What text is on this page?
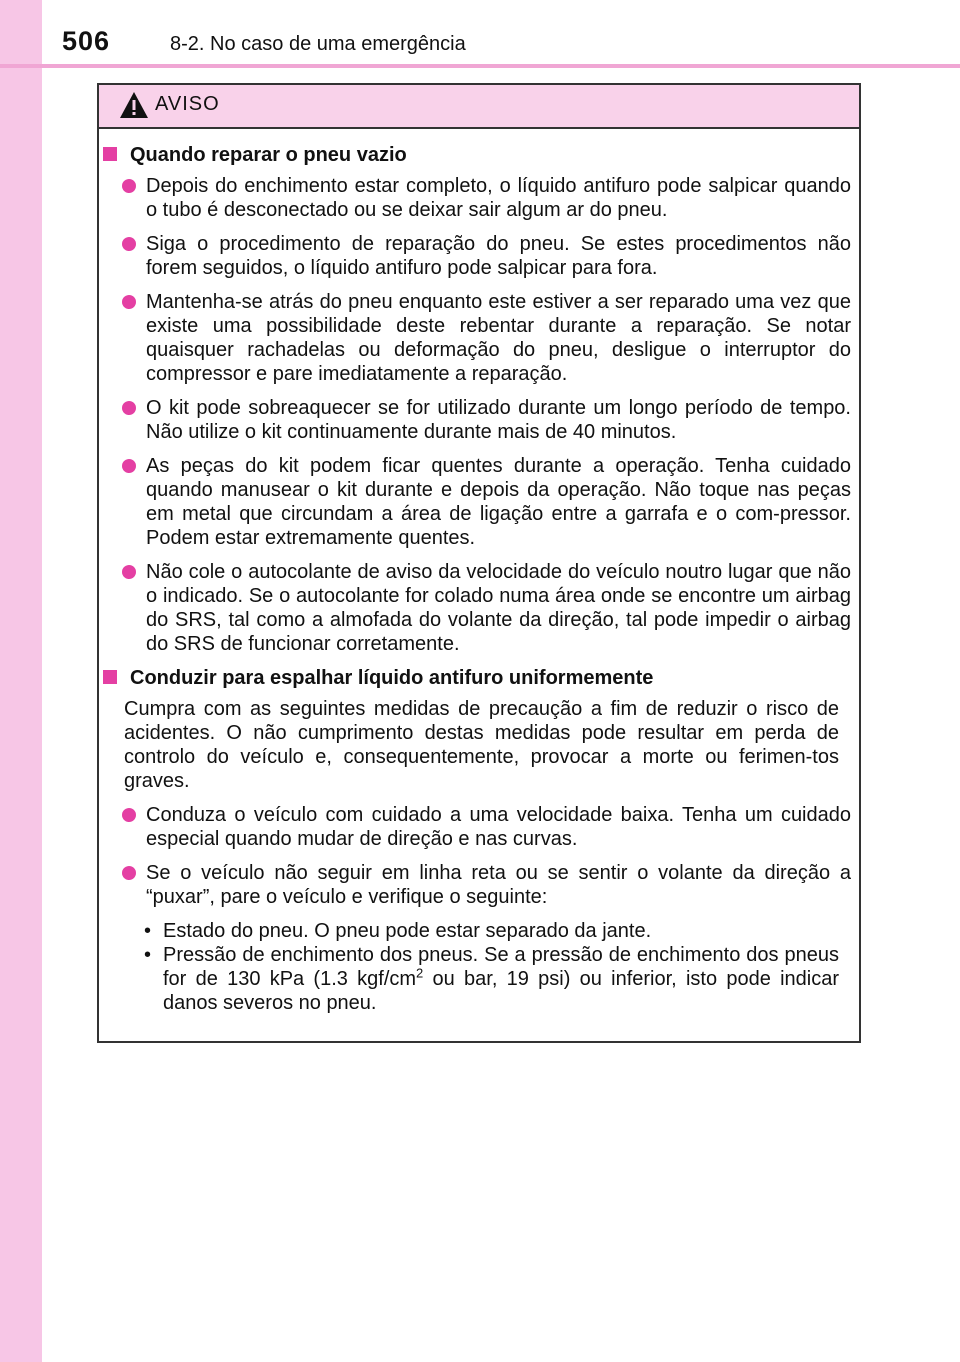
506	8-2. No caso de uma emergência
AVISO
Quando reparar o pneu vazio
Depois do enchimento estar completo, o líquido antifuro pode salpicar quando o tubo é desconectado ou se deixar sair algum ar do pneu.
Siga o procedimento de reparação do pneu. Se estes procedimentos não forem seguidos, o líquido antifuro pode salpicar para fora.
Mantenha-se atrás do pneu enquanto este estiver a ser reparado uma vez que existe uma possibilidade deste rebentar durante a reparação. Se notar quaisquer rachadelas ou deformação do pneu, desligue o interruptor do compressor e pare imediatamente a reparação.
O kit pode sobreaquecer se for utilizado durante um longo período de tempo. Não utilize o kit continuamente durante mais de 40 minutos.
As peças do kit podem ficar quentes durante a operação. Tenha cuidado quando manusear o kit durante e depois da operação. Não toque nas peças em metal que circundam a área de ligação entre a garrafa e o com-pressor. Podem estar extremamente quentes.
Não cole o autocolante de aviso da velocidade do veículo noutro lugar que não o indicado. Se o autocolante for colado numa área onde se encontre um airbag do SRS, tal como a almofada do volante da direção, tal pode impedir o airbag do SRS de funcionar corretamente.
Conduzir para espalhar líquido antifuro uniformemente
Cumpra com as seguintes medidas de precaução a fim de reduzir o risco de acidentes. O não cumprimento destas medidas pode resultar em perda de controlo do veículo e, consequentemente, provocar a morte ou ferimen-tos graves.
Conduza o veículo com cuidado a uma velocidade baixa. Tenha um cuidado especial quando mudar de direção e nas curvas.
Se o veículo não seguir em linha reta ou se sentir o volante da direção a “puxar”, pare o veículo e verifique o seguinte:
• Estado do pneu. O pneu pode estar separado da jante.
• Pressão de enchimento dos pneus. Se a pressão de enchimento dos pneus for de 130 kPa (1.3 kgf/$cm^2$ ou bar, 19 psi) ou inferior, isto pode indicar danos severos no pneu.
